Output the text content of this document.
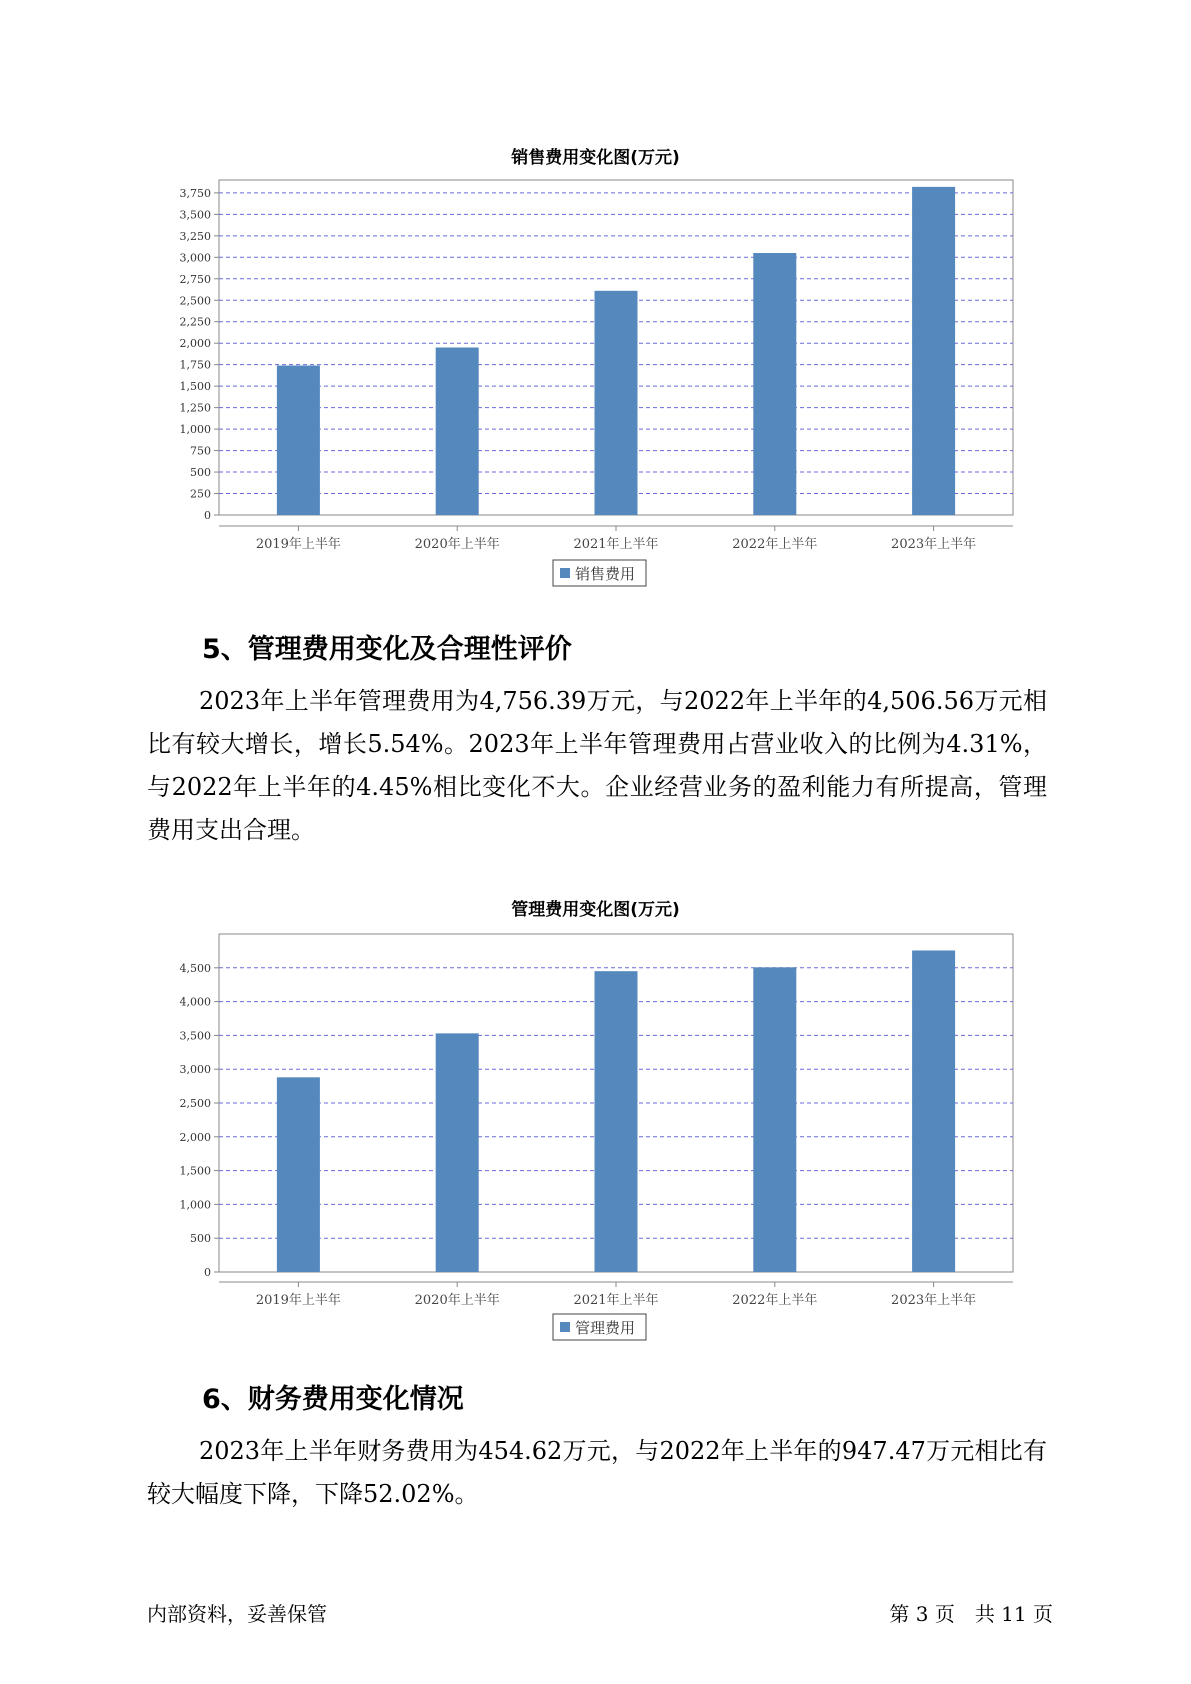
销售费用变化图(万元)
0
250
500
750
1,000
1,250
1,500
1,750
2,000
2,250
2,500
2,750
3,000
3,250
3,500
3,750
2019年上半年	2020年上半年	2021年上半年	2022年上半年	2023年上半年
销售费用
5、管理费用变化及合理性评价
2023年上半年管理费用为4,756.39万元，与2022年上半年的4,506.56万元相比有较大增长，增长5.54%。2023年上半年管理费用占营业收入的比例为4.31%，与2022年上半年的4.45%相比变化不大。企业经营业务的盈利能力有所提高，管理费用支出合理。
管理费用变化图(万元)
0
500
1,000
1,500
2,000
2,500
3,000
3,500
4,000
4,500
2019年上半年	2020年上半年	2021年上半年	2022年上半年	2023年上半年
管理费用
6、财务费用变化情况
2023年上半年财务费用为454.62万元，与2022年上半年的947.47万元相比有较大幅度下降，下降52.02%。
内部资料，妥善保管	第 3 页　共 11 页
